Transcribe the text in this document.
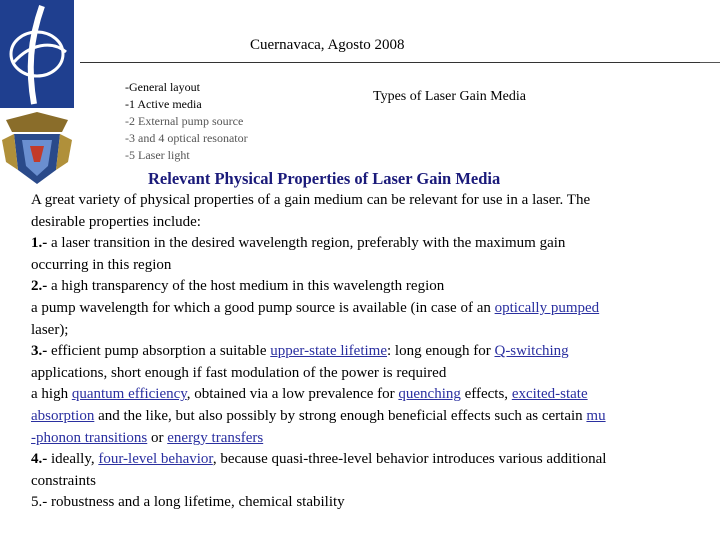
Cuernavaca, Agosto 2008
-General layout
-1 Active media
-2 External pump source
-3 and 4 optical resonator
-5 Laser light
Types of Laser Gain Media
Relevant Physical Properties of Laser Gain Media

A great variety of physical properties of a gain medium can be relevant for use in a laser. The

desirable properties include:

1.- a laser transition in the desired wavelength region, preferably with the maximum gain

occurring in this region

2.- a high transparency of the host medium in this wavelength region

a pump wavelength for which a good pump source is available (in case of an optically pumped

laser);

3.- efficient pump absorption a suitable upper-state lifetime: long enough for Q-switching

applications, short enough if fast modulation of the power is required

a high quantum efficiency, obtained via a low prevalence for quenching effects, excited-state

absorption and the like, but also possibly by strong enough beneficial effects such as certain mu

-phonon transitions or energy transfers

4.- ideally, four-level behavior, because quasi-three-level behavior introduces various additional

constraints

5.- robustness and a long lifetime, chemical stability
